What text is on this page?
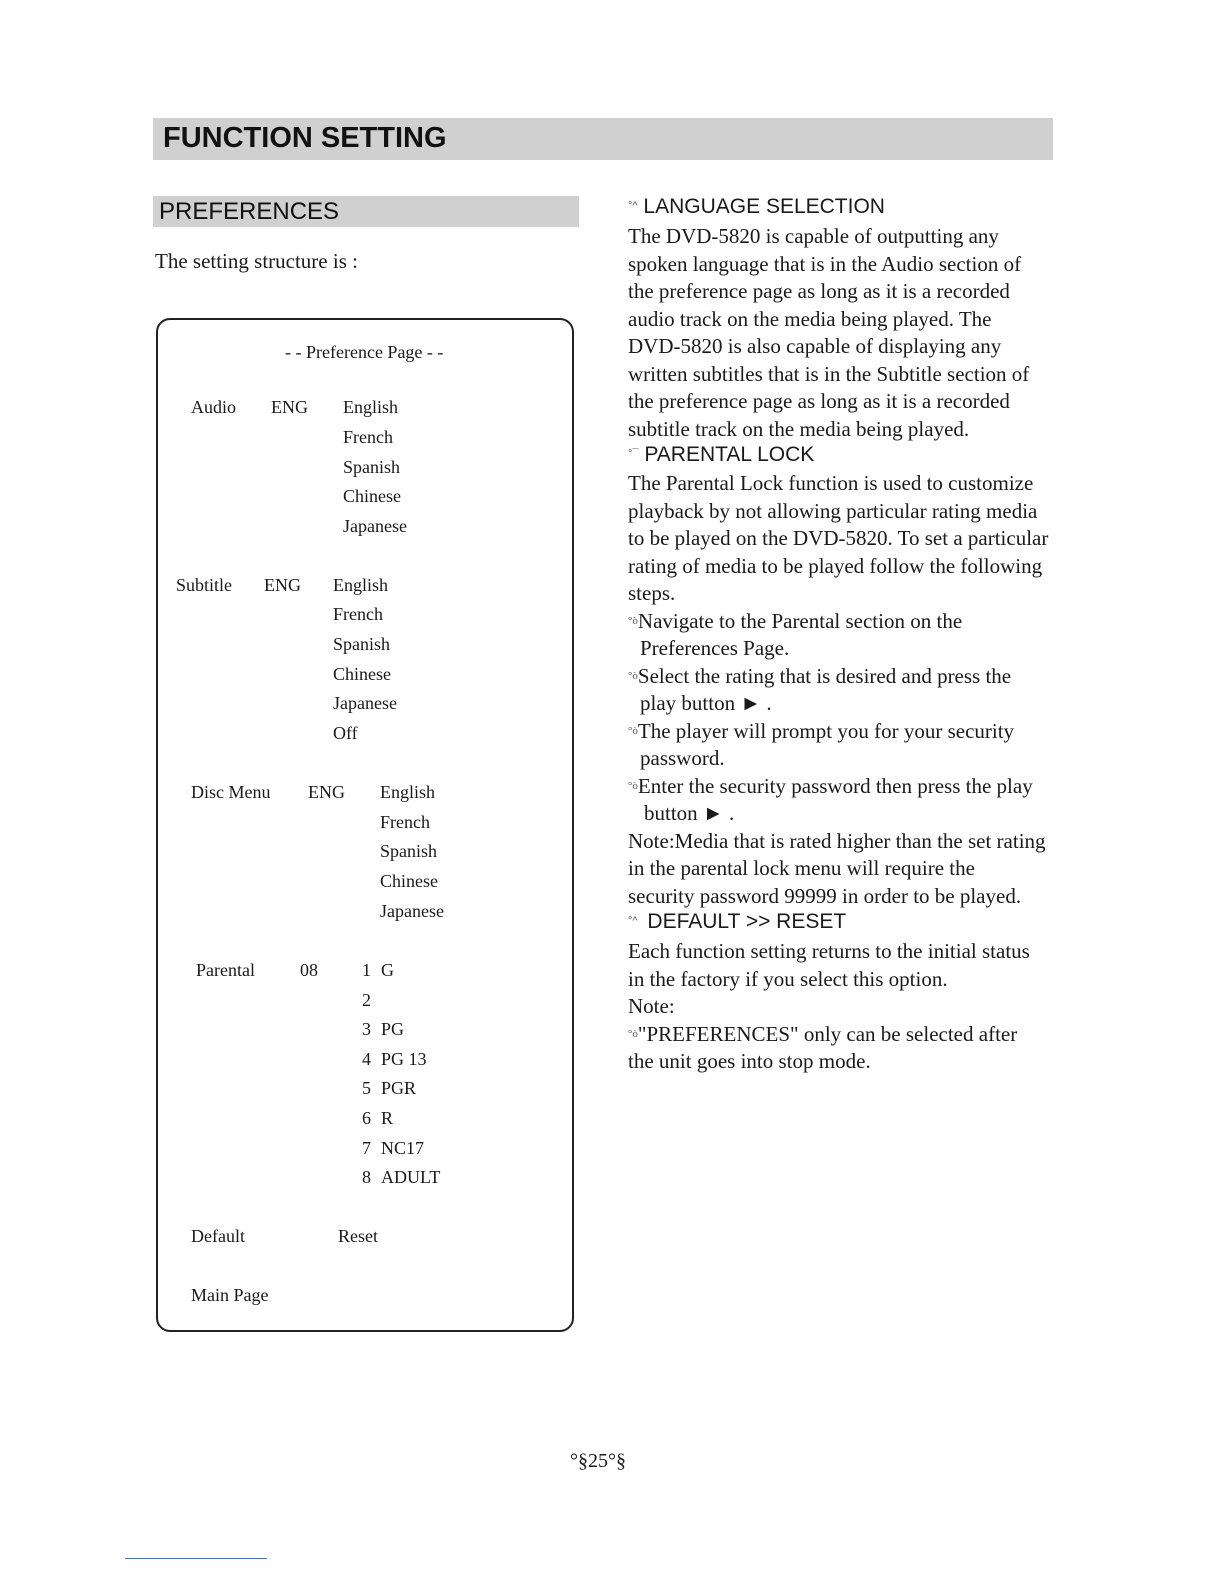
FUNCTION SETTING
PREFERENCES
The setting structure is :
- - Preference Page - -
Audio ENG English
French
Spanish
Chinese
Japanese
Subtitle ENG English
French
Spanish
Chinese
Japanese
Off
Disc Menu ENG English
French
Spanish
Chinese
Japanese
Parental	08 1 G
2
3 PG
4 PG 13
5 PGR
6 R
7 NC17
8 ADULT
Default	Reset
Main Page
°^ LANGUAGE SELECTION
The DVD-5820 is capable of outputting any
spoken language that is in the Audio section of
the preference page as long as it is a recorded
audio track on the media being played. The
DVD-5820 is also capable of displaying any
written subtitles that is in the Subtitle section of
the preference page as long as it is a recorded
subtitle track on the media being played.
°¯ PARENTAL LOCK
The Parental Lock function is used to customize
playback by not allowing particular rating media
to be played on the DVD-5820. To set a particular
rating of media to be played follow the following
steps.
°òNavigate to the Parental section on the
Preferences Page.
°òSelect the rating that is desired and press the
play button ► .
°òThe player will prompt you for your security
password.
°òEnter the security password then press the play
button ► .
Note:Media that is rated higher than the set rating
in the parental lock menu will require the
security password 99999 in order to be played.
°^ DEFAULT >> RESET
Each function setting returns to the initial status
in the factory if you select this option.
Note:
°ò"PREFERENCES" only can be selected after
the unit goes into stop mode.
°§25°§
